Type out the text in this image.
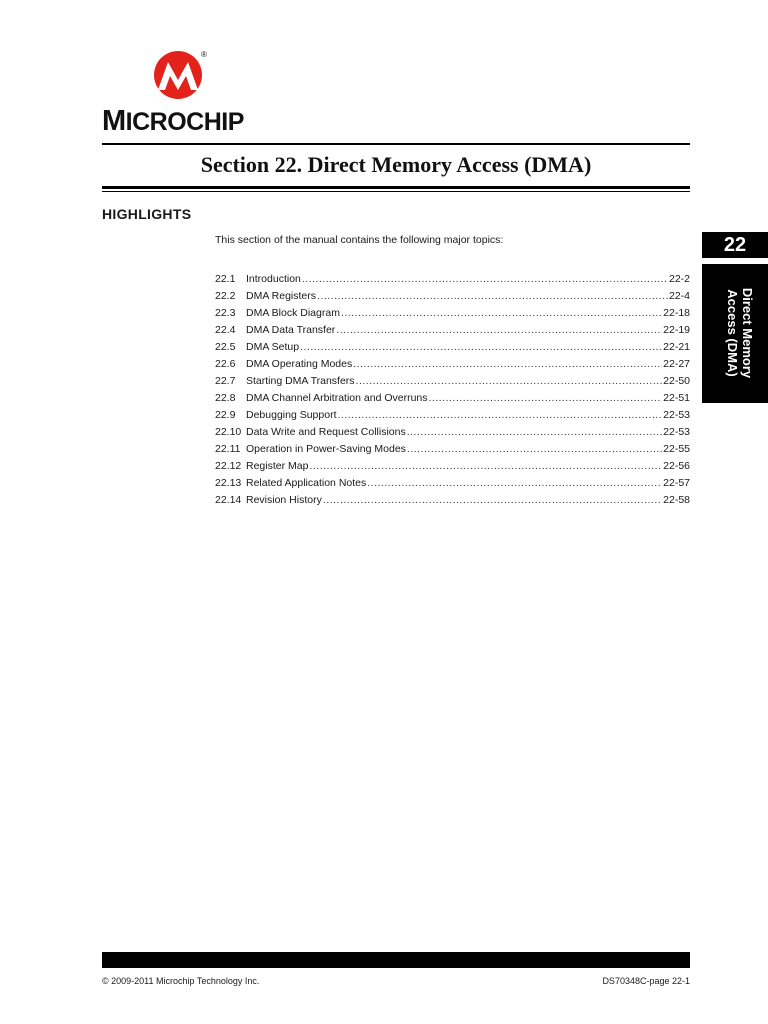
®
MICROCHIP
Section 22. Direct Memory Access (DMA)
HIGHLIGHTS
This section of the manual contains the following major topics:
22.1	Introduction .....	22-2
22.2	DMA Registers .....	22-4
22.3	DMA Block Diagram .....	22-18
22.4	DMA Data Transfer .....	22-19
22.5	DMA Setup .....	22-21
22.6	DMA Operating Modes .....	22-27
22.7	Starting DMA Transfers .....	22-50
22.8	DMA Channel Arbitration and Overruns .....	22-51
22.9	Debugging Support .....	22-53
22.10 Data Write and Request Collisions .....	22-53
22.11 Operation in Power-Saving Modes .....	22-55
22.12 Register Map .....	22-56
22.13 Related Application Notes .....	22-57
22.14 Revision History .....	22-58
22
Direct Memory
Access (DMA)
© 2009-2011 Microchip Technology Inc.	DS70348C-page 22-1
